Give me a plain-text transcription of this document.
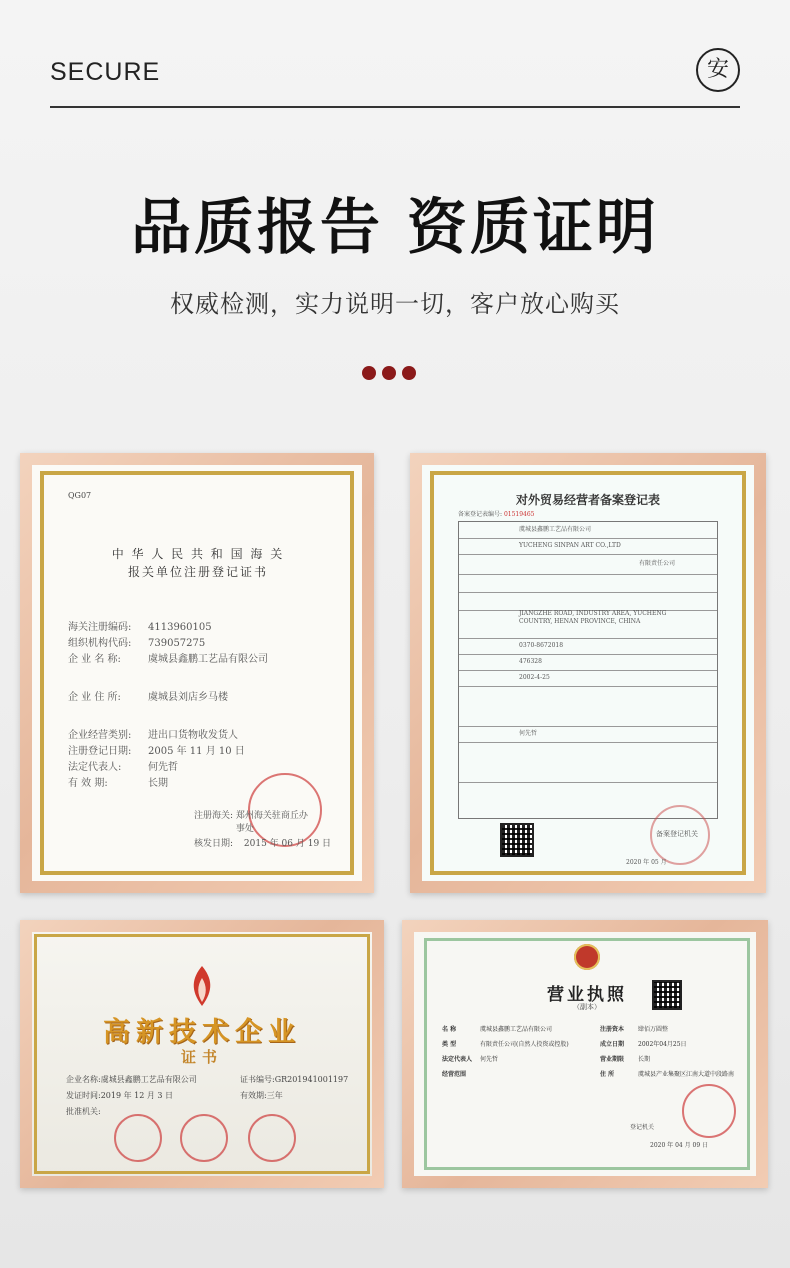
SECURE	安
品质报告 资质证明
权威检测，实力说明一切，客户放心购买
QG07
中 华 人 民 共 和 国 海 关
报关单位注册登记证书
海关注册编码: 4113960105
组织机构代码: 739057275
企 业 名 称:	虞城县鑫鹏工艺品有限公司
企 业 住 所:	虞城县刘店乡马楼
企业经营类别: 进出口货物收发货人
注册登记日期: 2005 年 11 月 10 日
法定代表人:	何先哲
有 效 期:	长期
注册海关: 郑州海关驻商丘办事处
核发日期: 2015 年 06 月 19 日
对外贸易经营者备案登记表
备案登记表编号: 01519465
虞城县鑫鹏工艺品有限公司
YUCHENG SINPAN ART CO.,LTD
有限责任公司
JIANGZHE ROAD, INDUSTRY AREA, YUCHENG COUNTRY, HENAN PROVINCE, CHINA
0370-8672018
476328
2002-4-25
何先哲
备案登记机关
2020 年 05 月
高新技术企业
证书
企业名称:虞城县鑫鹏工艺品有限公司	证书编号:GR201941001197
发证时间:2019 年 12 月 3 日	有效期:三年
批准机关:
营业执照
（副本）
名 称	虞城县鑫鹏工艺品有限公司
类 型	有限责任公司(自然人投资或控股)
法定代表人 何先哲
经营范围
注册资本 肆佰万圆整
成立日期 2002年04月25日
营业期限 长期
住 所	虞城县产业集聚区江南大道中段路南
登记机关
2020 年 04 月 09 日
